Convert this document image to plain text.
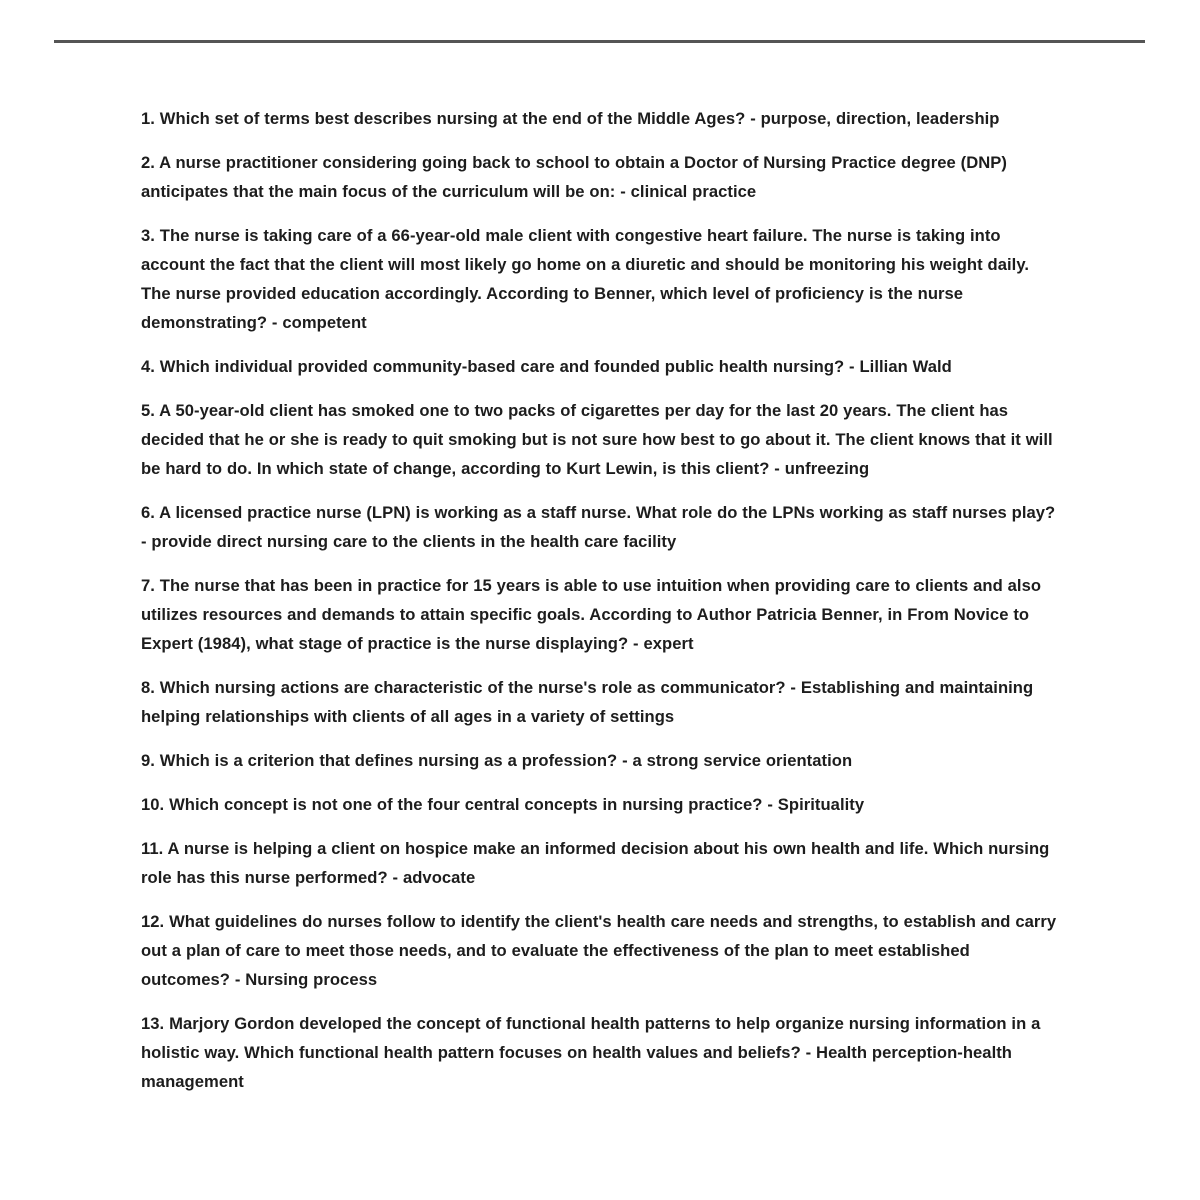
1. Which set of terms best describes nursing at the end of the Middle Ages? - purpose, direction, leadership

2. A nurse practitioner considering going back to school to obtain a Doctor of Nursing Practice degree (DNP) anticipates that the main focus of the curriculum will be on: - clinical practice

3. The nurse is taking care of a 66-year-old male client with congestive heart failure. The nurse is taking into account the fact that the client will most likely go home on a diuretic and should be monitoring his weight daily. The nurse provided education accordingly. According to Benner, which level of proficiency is the nurse demonstrating? - competent

4. Which individual provided community-based care and founded public health nursing? - Lillian Wald

5. A 50-year-old client has smoked one to two packs of cigarettes per day for the last 20 years. The client has decided that he or she is ready to quit smoking but is not sure how best to go about it. The client knows that it will be hard to do. In which state of change, according to Kurt Lewin, is this client? - unfreezing

6. A licensed practice nurse (LPN) is working as a staff nurse. What role do the LPNs working as staff nurses play? - provide direct nursing care to the clients in the health care facility

7. The nurse that has been in practice for 15 years is able to use intuition when providing care to clients and also utilizes resources and demands to attain specific goals. According to Author Patricia Benner, in From Novice to Expert (1984), what stage of practice is the nurse displaying? - expert

8. Which nursing actions are characteristic of the nurse's role as communicator? - Establishing and maintaining helping relationships with clients of all ages in a variety of settings

9. Which is a criterion that defines nursing as a profession? - a strong service orientation

10. Which concept is not one of the four central concepts in nursing practice? - Spirituality

11. A nurse is helping a client on hospice make an informed decision about his own health and life. Which nursing role has this nurse performed? - advocate

12. What guidelines do nurses follow to identify the client's health care needs and strengths, to establish and carry out a plan of care to meet those needs, and to evaluate the effectiveness of the plan to meet established outcomes? - Nursing process

13. Marjory Gordon developed the concept of functional health patterns to help organize nursing information in a holistic way. Which functional health pattern focuses on health values and beliefs? - Health perception-health management
